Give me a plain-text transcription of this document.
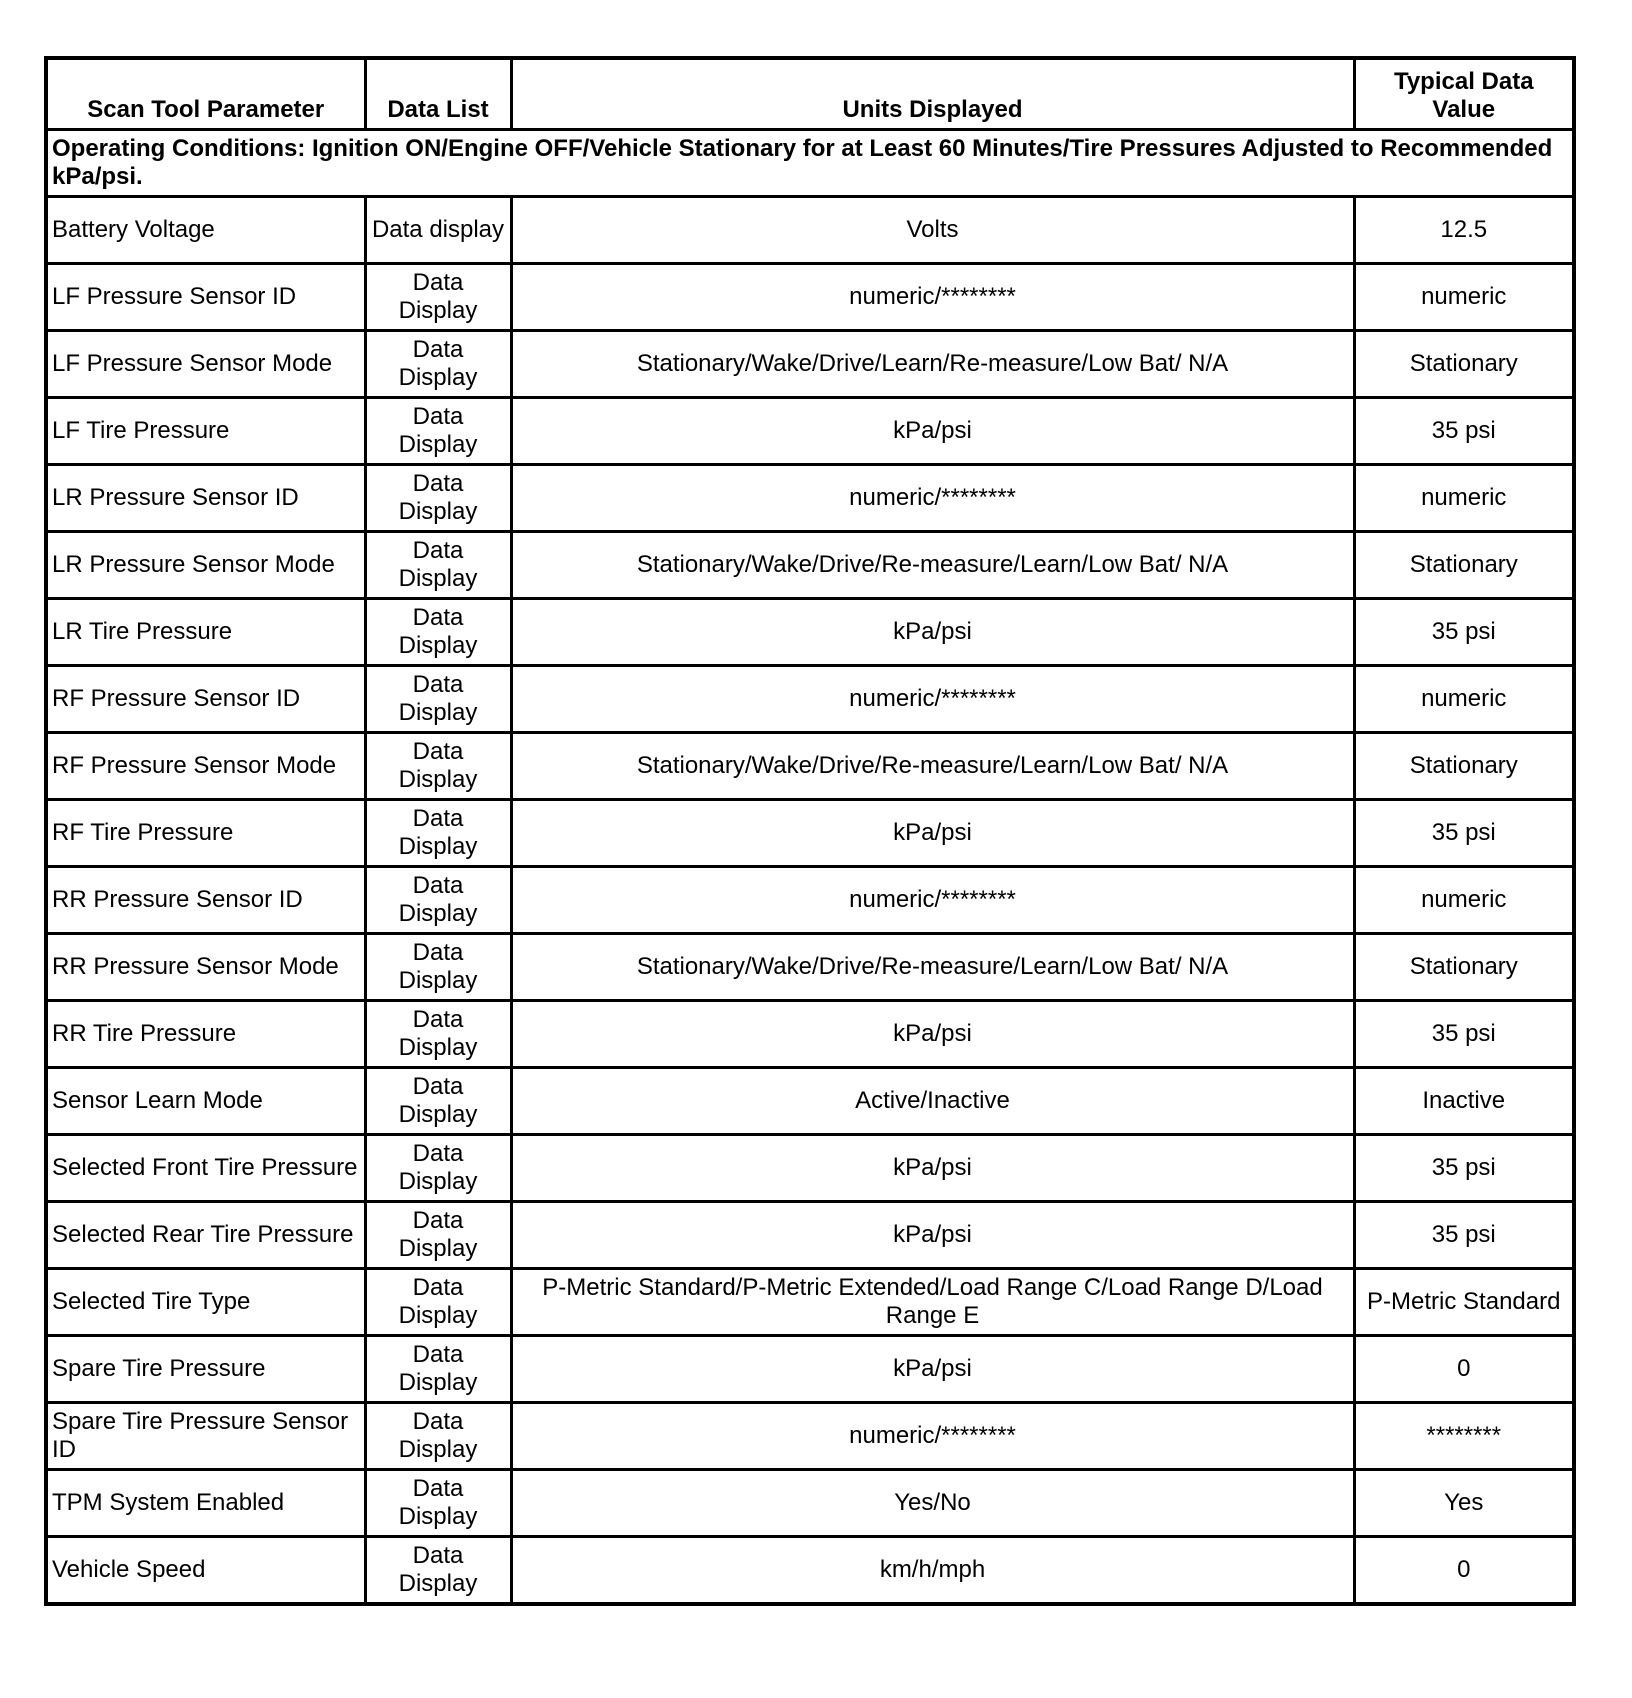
Scan Tool Parameter	Data List	Units Displayed	Typical Data Value
Operating Conditions: Ignition ON/Engine OFF/Vehicle Stationary for at Least 60 Minutes/Tire Pressures Adjusted to Recommended kPa/psi.			
Battery Voltage	Data display	Volts	12.5
LF Pressure Sensor ID	Data Display	numeric/********	numeric
LF Pressure Sensor Mode	Data Display	Stationary/Wake/Drive/Learn/Re-measure/Low Bat/ N/A	Stationary
LF Tire Pressure	Data Display	kPa/psi	35 psi
LR Pressure Sensor ID	Data Display	numeric/********	numeric
LR Pressure Sensor Mode	Data Display	Stationary/Wake/Drive/Re-measure/Learn/Low Bat/ N/A	Stationary
LR Tire Pressure	Data Display	kPa/psi	35 psi
RF Pressure Sensor ID	Data Display	numeric/********	numeric
RF Pressure Sensor Mode	Data Display	Stationary/Wake/Drive/Re-measure/Learn/Low Bat/ N/A	Stationary
RF Tire Pressure	Data Display	kPa/psi	35 psi
RR Pressure Sensor ID	Data Display	numeric/********	numeric
RR Pressure Sensor Mode	Data Display	Stationary/Wake/Drive/Re-measure/Learn/Low Bat/ N/A	Stationary
RR Tire Pressure	Data Display	kPa/psi	35 psi
Sensor Learn Mode	Data Display	Active/Inactive	Inactive
Selected Front Tire Pressure	Data Display	kPa/psi	35 psi
Selected Rear Tire Pressure	Data Display	kPa/psi	35 psi
Selected Tire Type	Data Display	P-Metric Standard/P-Metric Extended/Load Range C/Load Range D/Load Range E	P-Metric Standard
Spare Tire Pressure	Data Display	kPa/psi	0
Spare Tire Pressure Sensor ID	Data Display	numeric/********	********
TPM System Enabled	Data Display	Yes/No	Yes
Vehicle Speed	Data Display	km/h/mph	0
